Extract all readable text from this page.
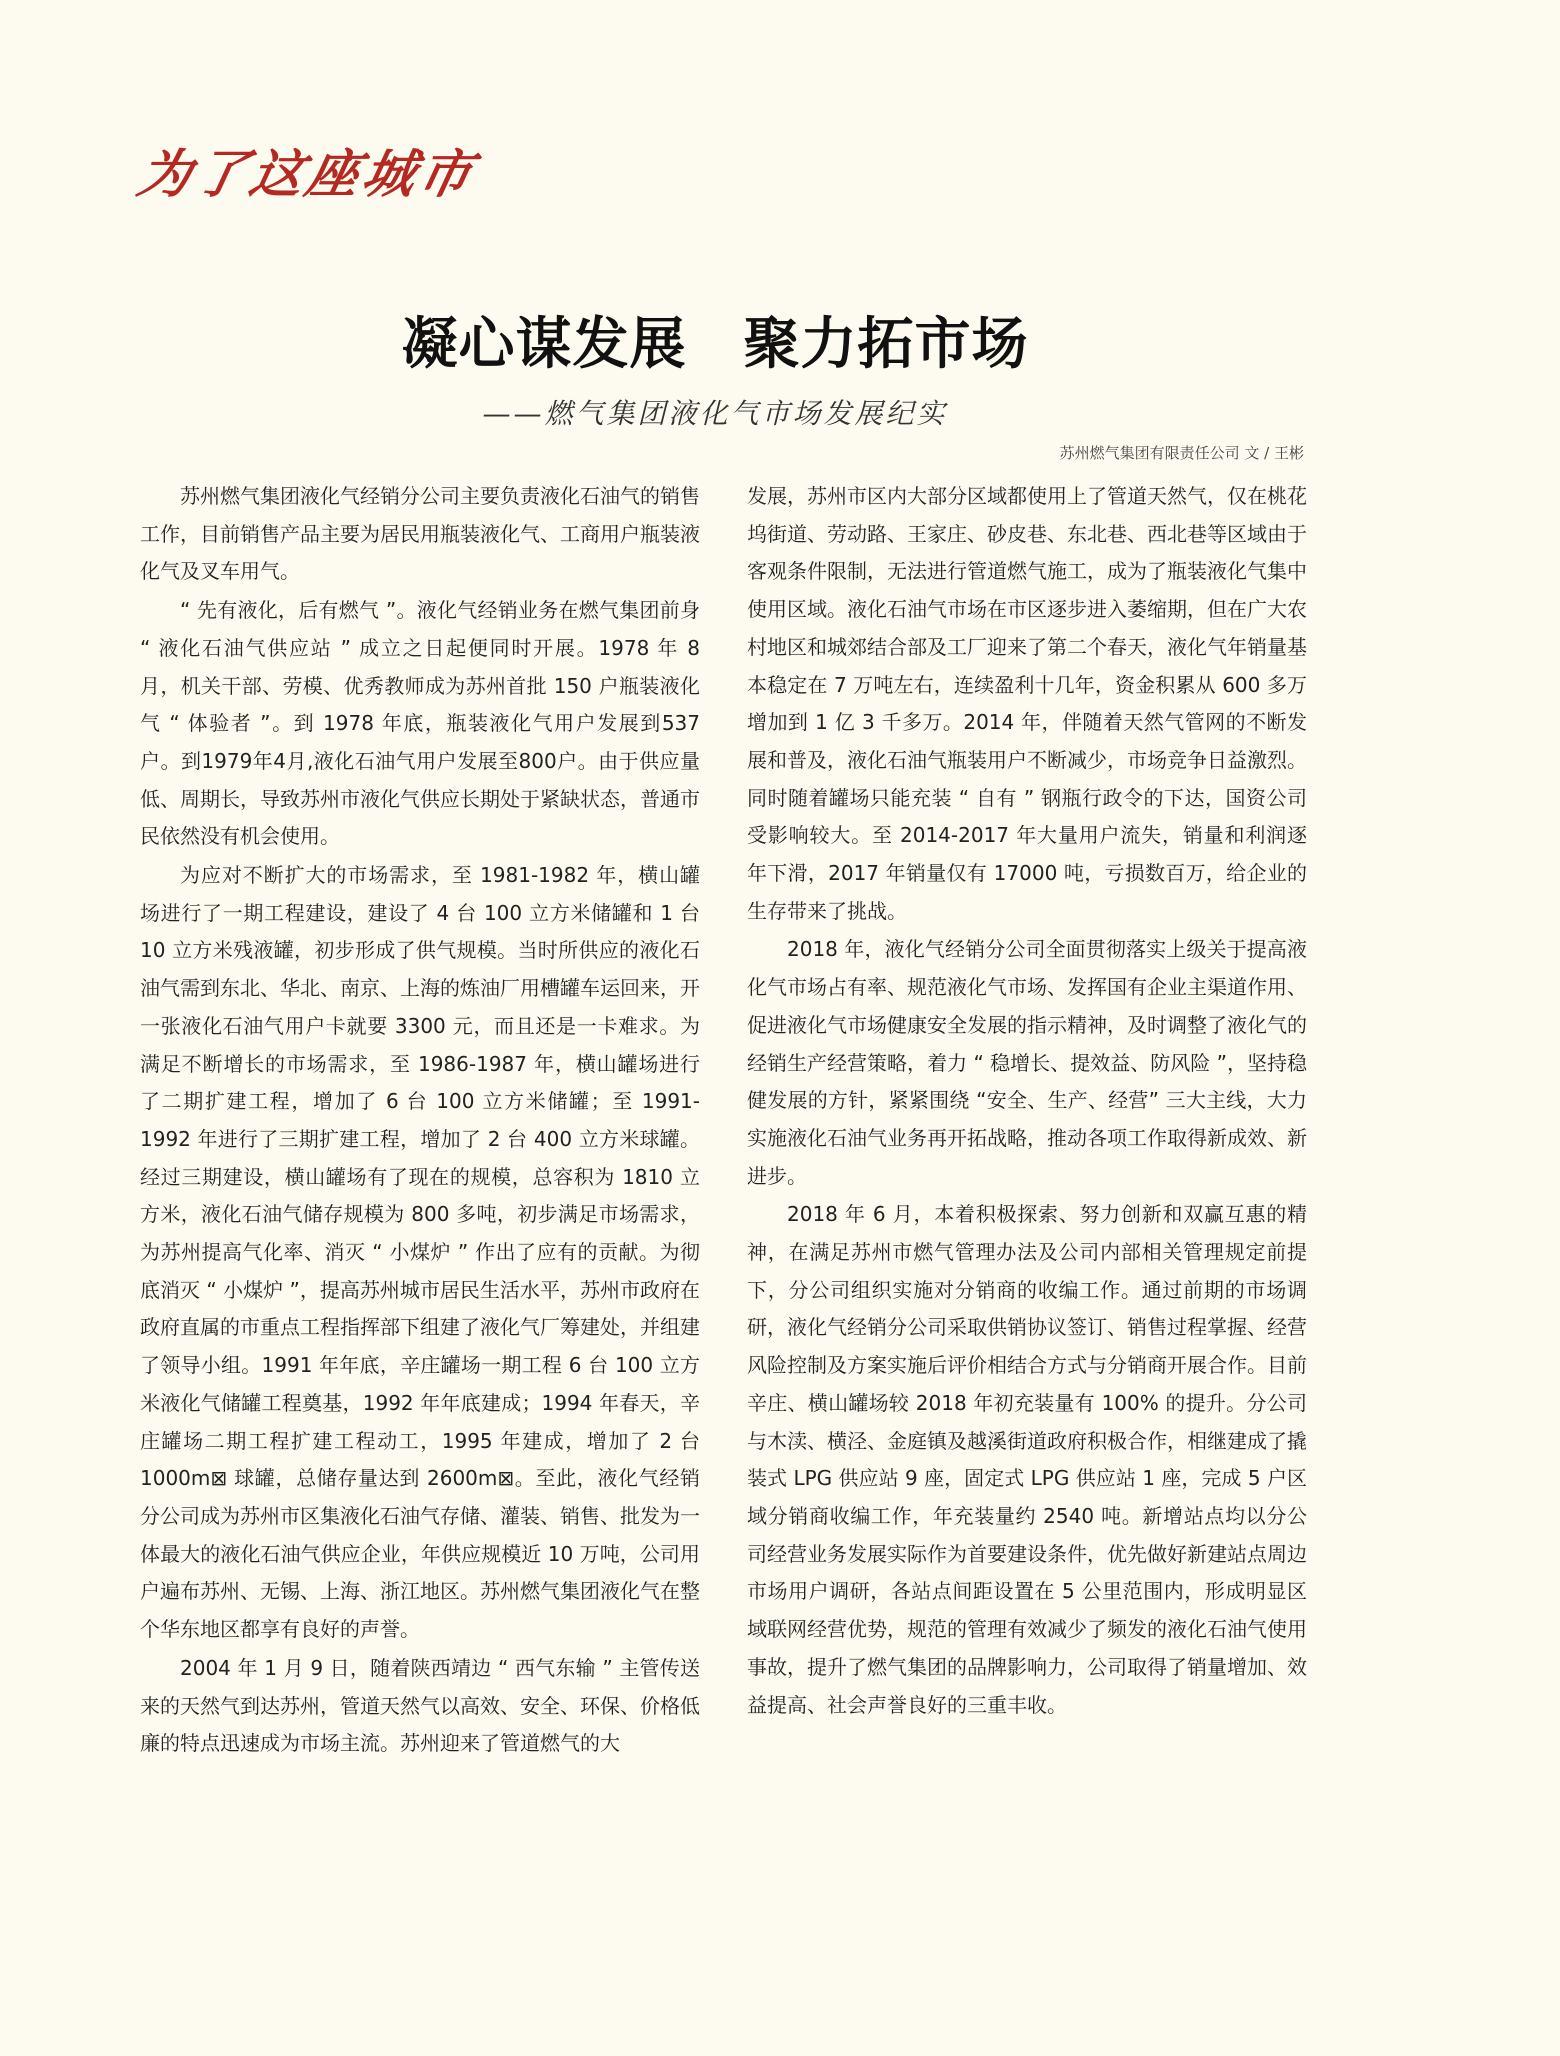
为了这座城市
凝心谋发展　聚力拓市场
——燃气集团液化气市场发展纪实
苏州燃气集团有限责任公司 文 / 王彬

苏州燃气集团液化气经销分公司主要负责液化石油气的销售工作，目前销售产品主要为居民用瓶装液化气、工商用户瓶装液化气及叉车用气。

“ 先有液化，后有燃气 ”。液化气经销业务在燃气集团前身 “ 液化石油气供应站 ” 成立之日起便同时开展。1978 年 8 月，机关干部、劳模、优秀教师成为苏州首批 150 户瓶装液化气 “ 体验者 ”。到 1978 年底，瓶装液化气用户发展到537户。到1979年4月,液化石油气用户发展至800户。由于供应量低、周期长，导致苏州市液化气供应长期处于紧缺状态，普通市民依然没有机会使用。

为应对不断扩大的市场需求，至 1981-1982 年，横山罐场进行了一期工程建设，建设了 4 台 100 立方米储罐和 1 台 10 立方米残液罐，初步形成了供气规模。当时所供应的液化石油气需到东北、华北、南京、上海的炼油厂用槽罐车运回来，开一张液化石油气用户卡就要 3300 元，而且还是一卡难求。为满足不断增长的市场需求，至 1986-1987 年，横山罐场进行了二期扩建工程，增加了 6 台 100 立方米储罐；至 1991-1992 年进行了三期扩建工程，增加了 2 台 400 立方米球罐。经过三期建设，横山罐场有了现在的规模，总容积为 1810 立方米，液化石油气储存规模为 800 多吨，初步满足市场需求，为苏州提高气化率、消灭 “ 小煤炉 ” 作出了应有的贡献。为彻底消灭 “ 小煤炉 ”，提高苏州城市居民生活水平，苏州市政府在政府直属的市重点工程指挥部下组建了液化气厂筹建处，并组建了领导小组。1991 年年底，辛庄罐场一期工程 6 台 100 立方米液化气储罐工程奠基，1992 年年底建成；1994 年春天，辛庄罐场二期工程扩建工程动工，1995 年建成，增加了 2 台 1000m⊠ 球罐，总储存量达到 2600m⊠。至此，液化气经销分公司成为苏州市区集液化石油气存储、灌装、销售、批发为一体最大的液化石油气供应企业，年供应规模近 10 万吨，公司用户遍布苏州、无锡、上海、浙江地区。苏州燃气集团液化气在整个华东地区都享有良好的声誉。

2004 年 1 月 9 日，随着陕西靖边 “ 西气东输 ” 主管传送来的天然气到达苏州，管道天然气以高效、安全、环保、价格低廉的特点迅速成为市场主流。苏州迎来了管道燃气的大

发展，苏州市区内大部分区域都使用上了管道天然气，仅在桃花坞街道、劳动路、王家庄、砂皮巷、东北巷、西北巷等区域由于客观条件限制，无法进行管道燃气施工，成为了瓶装液化气集中使用区域。液化石油气市场在市区逐步进入萎缩期，但在广大农村地区和城郊结合部及工厂迎来了第二个春天，液化气年销量基本稳定在 7 万吨左右，连续盈利十几年，资金积累从 600 多万增加到 1 亿 3 千多万。2014 年，伴随着天然气管网的不断发展和普及，液化石油气瓶装用户不断减少，市场竞争日益激烈。同时随着罐场只能充装 “ 自有 ” 钢瓶行政令的下达，国资公司受影响较大。至 2014-2017 年大量用户流失，销量和利润逐年下滑，2017 年销量仅有 17000 吨，亏损数百万，给企业的生存带来了挑战。

2018 年，液化气经销分公司全面贯彻落实上级关于提高液化气市场占有率、规范液化气市场、发挥国有企业主渠道作用、促进液化气市场健康安全发展的指示精神，及时调整了液化气的经销生产经营策略，着力 “ 稳增长、提效益、防风险 ”，坚持稳健发展的方针，紧紧围绕 “安全、生产、经营” 三大主线，大力实施液化石油气业务再开拓战略，推动各项工作取得新成效、新进步。

2018 年 6 月，本着积极探索、努力创新和双赢互惠的精神，在满足苏州市燃气管理办法及公司内部相关管理规定前提下，分公司组织实施对分销商的收编工作。通过前期的市场调研，液化气经销分公司采取供销协议签订、销售过程掌握、经营风险控制及方案实施后评价相结合方式与分销商开展合作。目前辛庄、横山罐场较 2018 年初充装量有 100% 的提升。分公司与木渎、横泾、金庭镇及越溪街道政府积极合作，相继建成了撬装式 LPG 供应站 9 座，固定式 LPG 供应站 1 座，完成 5 户区域分销商收编工作，年充装量约 2540 吨。新增站点均以分公司经营业务发展实际作为首要建设条件，优先做好新建站点周边市场用户调研，各站点间距设置在 5 公里范围内，形成明显区域联网经营优势，规范的管理有效减少了频发的液化石油气使用事故，提升了燃气集团的品牌影响力，公司取得了销量增加、效益提高、社会声誉良好的三重丰收。
